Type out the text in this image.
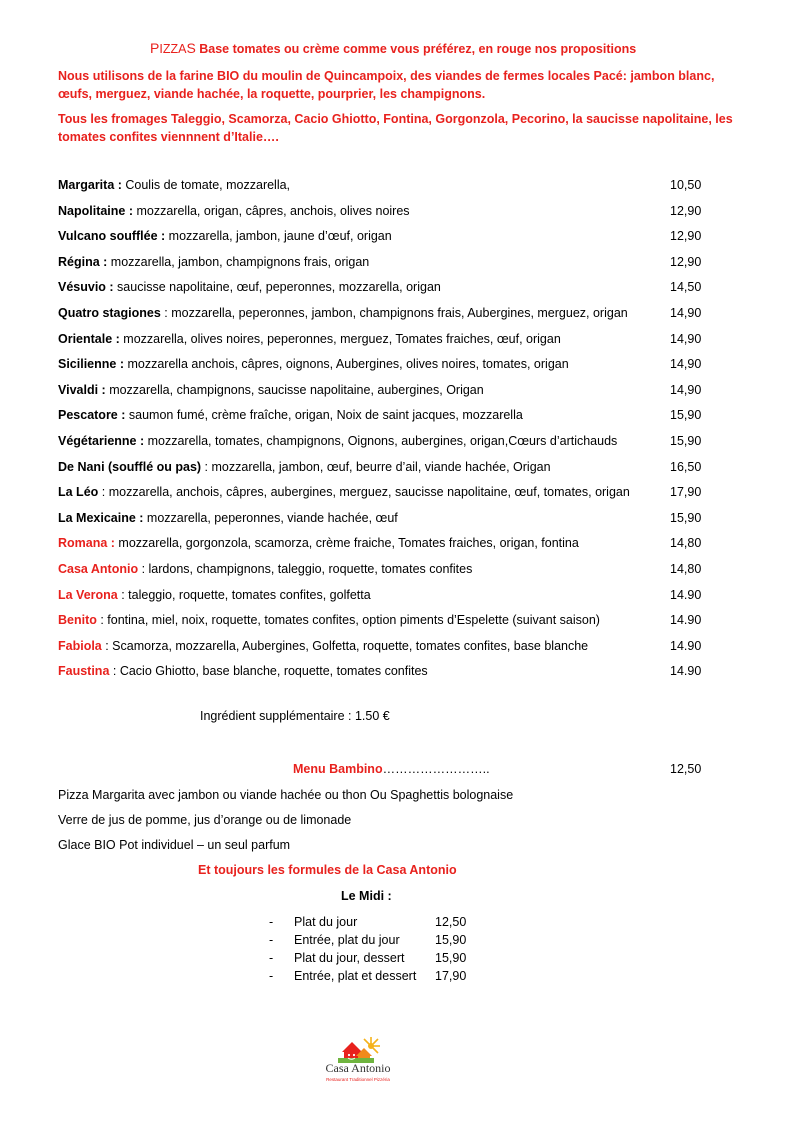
PIZZAS Base tomates ou crème comme vous préférez, en rouge nos propositions
Nous utilisons de la farine BIO du moulin de Quincampoix, des viandes de fermes locales Pacé: jambon blanc, œufs, merguez, viande hachée, la roquette, pourprier, les champignons.
Tous les fromages Taleggio, Scamorza, Cacio Ghiotto, Fontina, Gorgonzola, Pecorino, la saucisse napolitaine, les tomates confites viennnent d’Italie….
Margarita : Coulis de tomate, mozzarella,	10,50
Napolitaine : mozzarella, origan, câpres, anchois, olives noires	12,90
Vulcano soufflée : mozzarella, jambon, jaune d’œuf, origan	12,90
Régina : mozzarella, jambon, champignons frais, origan	12,90
Vésuvio : saucisse napolitaine, œuf, peperonnes, mozzarella, origan	14,50
Quatro stagiones : mozzarella, peperonnes, jambon, champignons frais, Aubergines, merguez, origan	14,90
Orientale : mozzarella, olives noires, peperonnes, merguez, Tomates fraiches, œuf, origan	14,90
Sicilienne : mozzarella anchois, câpres, oignons, Aubergines, olives noires, tomates, origan	14,90
Vivaldi : mozzarella, champignons, saucisse napolitaine, aubergines, Origan	14,90
Pescatore : saumon fumé, crème fraîche, origan, Noix de saint jacques, mozzarella	15,90
Végétarienne : mozzarella, tomates, champignons, Oignons, aubergines, origan,Cœurs d’artichauds	15,90
De Nani (soufflé ou pas) : mozzarella, jambon, œuf, beurre d’ail, viande hachée, Origan	16,50
La Léo : mozzarella, anchois, câpres, aubergines, merguez, saucisse napolitaine, œuf, tomates, origan	17,90
La Mexicaine : mozzarella, peperonnes, viande hachée, œuf	15,90
Romana : mozzarella, gorgonzola, scamorza, crème fraiche, Tomates fraiches, origan, fontina	14,80
Casa Antonio : lardons, champignons, taleggio, roquette, tomates confites	14,80
La Verona : taleggio, roquette, tomates confites, golfetta	14.90
Benito : fontina, miel, noix, roquette, tomates confites, option piments d’Espelette (suivant saison)	14.90
Fabiola : Scamorza, mozzarella, Aubergines, Golfetta, roquette, tomates confites, base blanche	14.90
Faustina : Cacio Ghiotto, base blanche, roquette, tomates confites	14.90
Ingrédient supplémentaire : 1.50 €
Menu Bambino……………………..	12,50
Pizza Margarita avec jambon ou viande hachée ou thon Ou Spaghettis bolognaise
Verre de jus de pomme, jus d’orange ou de limonade
Glace BIO Pot individuel – un seul parfum
Et toujours les formules de la Casa Antonio
Le Midi :
- Plat du jour	12,50
- Entrée, plat du jour	15,90
- Plat du jour, dessert 15,90
- Entrée, plat et dessert 17,90
Casa Antonio
Restaurant Traditionnel Pizzéria
